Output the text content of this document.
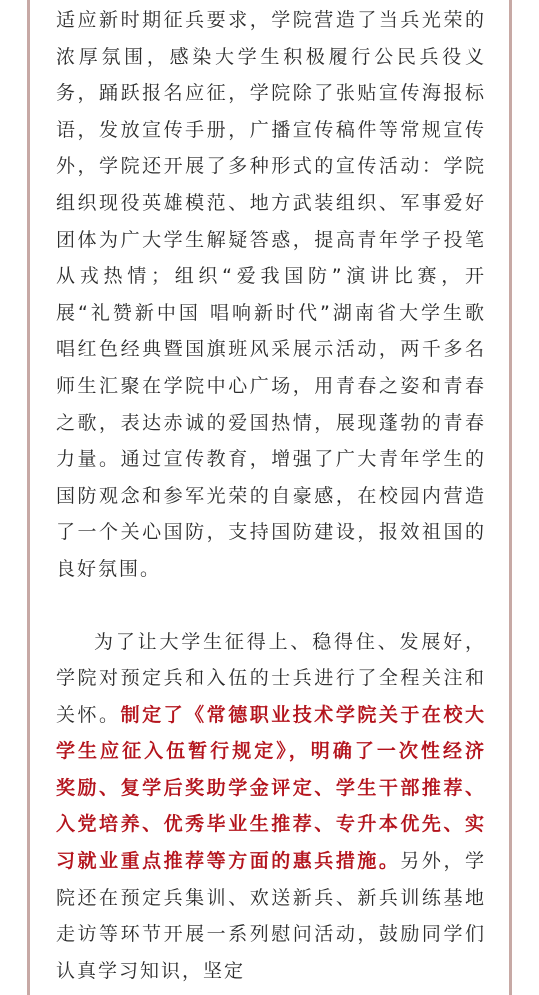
适应新时期征兵要求，学院营造了当兵光荣的浓厚氛围，感染大学生积极履行公民兵役义务，踊跃报名应征，学院除了张贴宣传海报标语，发放宣传手册，广播宣传稿件等常规宣传外，学院还开展了多种形式的宣传活动：学院组织现役英雄模范、地方武装组织、军事爱好团体为广大学生解疑答惑，提高青年学子投笔从戎热情；组织“爱我国防”演讲比赛，开展“礼赞新中国 唱响新时代”湖南省大学生歌唱红色经典暨国旗班风采展示活动，两千多名师生汇聚在学院中心广场，用青春之姿和青春之歌，表达赤诚的爱国热情，展现蓬勃的青春力量。通过宣传教育，增强了广大青年学生的国防观念和参军光荣的自豪感，在校园内营造了一个关心国防，支持国防建设，报效祖国的良好氛围。

为了让大学生征得上、稳得住、发展好，学院对预定兵和入伍的士兵进行了全程关注和关怀。制定了《常德职业技术学院关于在校大学生应征入伍暂行规定》，明确了一次性经济奖励、复学后奖助学金评定、学生干部推荐、入党培养、优秀毕业生推荐、专升本优先、实习就业重点推荐等方面的惠兵措施。另外，学院还在预定兵集训、欢送新兵、新兵训练基地走访等环节开展一系列慰问活动，鼓励同学们认真学习知识，坚定
